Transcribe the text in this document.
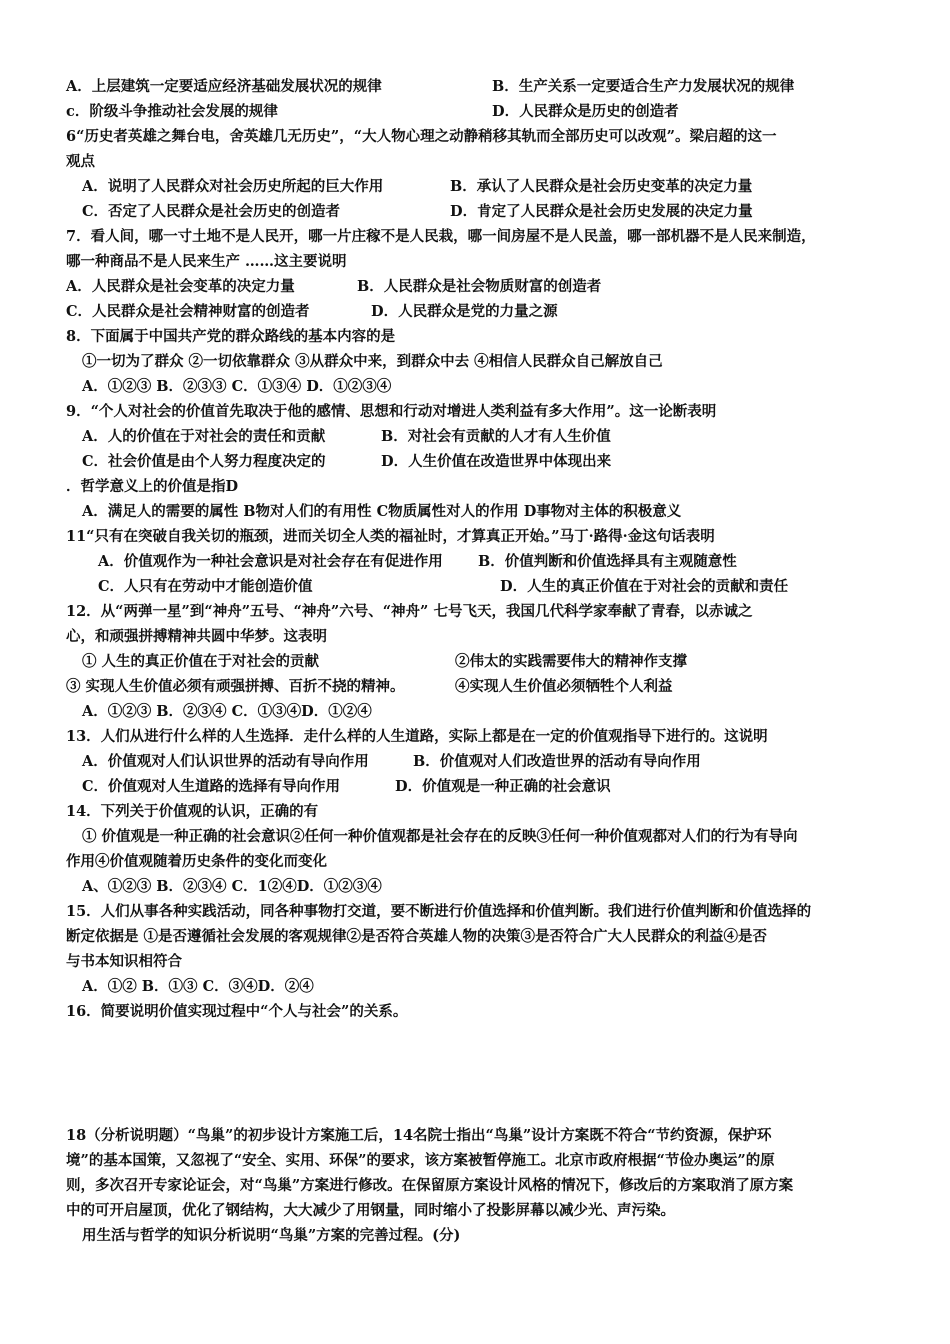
A．上层建筑一定要适应经济基础发展状况的规律	B．生产关系一定要适合生产力发展状况的规律
c．阶级斗争推动社会发展的规律	D．人民群众是历史的创造者
6“历史者英雄之舞台电，舍英雄几无历史”，“大人物心理之动静稍移其轨而全部历史可以改观”。梁启超的这一
观点
A．说明了人民群众对社会历史所起的巨大作用	B．承认了人民群众是社会历史变革的决定力量
C．否定了人民群众是社会历史的创造者	D．肯定了人民群众是社会历史发展的决定力量
7．看人间，哪一寸土地不是人民开，哪一片庄稼不是人民栽，哪一间房屋不是人民盖，哪一部机器不是人民来制造，
哪一种商品不是人民来生产 ……这主要说明
A．人民群众是社会变革的决定力量	B．人民群众是社会物质财富的创造者
C．人民群众是社会精神财富的创造者	D．人民群众是党的力量之源
8．下面属于中国共产党的群众路线的基本内容的是
①一切为了群众 ②一切依靠群众 ③从群众中来，到群众中去 ④相信人民群众自己解放自己
A．①②③ B．②③③ C．①③④ D．①②③④
9．“个人对社会的价值首先取决于他的感情、思想和行动对增进人类利益有多大作用”。这一论断表明
A．人的价值在于对社会的责任和贡献	B．对社会有贡献的人才有人生价值
C．社会价值是由个人努力程度决定的	D．人生价值在改造世界中体现出来
．哲学意义上的价值是指D
A．满足人的需要的属性 B物对人们的有用性 C物质属性对人的作用 D事物对主体的积极意义
11“只有在突破自我关切的瓶颈，进而关切全人类的福祉时，才算真正开始。”马丁·路得·金这句话表明
A．价值观作为一种社会意识是对社会存在有促进作用 B．价值判断和价值选择具有主观随意性
C．人只有在劳动中才能创造价值	D．人生的真正价值在于对社会的贡献和责任
12．从“两弹一星”到“神舟”五号、“神舟”六号、“神舟” 七号飞天，我国几代科学家奉献了青春，以赤诚之
心，和顽强拼搏精神共圆中华梦。这表明
① 人生的真正价值在于对社会的贡献	②伟太的实践需要伟大的精神作支撑
③ 实现人生价值必须有顽强拼搏、百折不挠的精神。	④实现人生价值必须牺牲个人利益
A．①②③ B．②③④ C．①③④D．①②④
13．人们从进行什么样的人生选择．走什么样的人生道路，实际上都是在一定的价值观指导下进行的。这说明
A．价值观对人们认识世界的活动有导向作用	B．价值观对人们改造世界的活动有导向作用
C．价值观对人生道路的选择有导向作用	D．价值观是一种正确的社会意识
14．下列关于价值观的认识，正确的有
① 价值观是一种正确的社会意识②任何一种价值观都是社会存在的反映③任何一种价值观都对人们的行为有导向
作用④价值观随着历史条件的变化而变化
A、①②③ B．②③④ C．1②④D．①②③④
15．人们从事各种实践活动，同各种事物打交道，要不断进行价值选择和价值判断。我们进行价值判断和价值选择的
断定依据是 ①是否遵循社会发展的客观规律②是否符合英雄人物的决策③是否符合广大人民群众的利益④是否
与书本知识相符合
A．①② B．①③ C．③④D．②④
16．简要说明价值实现过程中“个人与社会”的关系。
18（分析说明题）“鸟巢”的初步设计方案施工后，14名院士指出“鸟巢”设计方案既不符合“节约资源，保护环
境”的基本国策，又忽视了“安全、实用、环保”的要求，该方案被暂停施工。北京市政府根据“节俭办奥运”的原
则，多次召开专家论证会，对“鸟巢”方案进行修改。在保留原方案设计风格的情况下，修改后的方案取消了原方案
中的可开启屋顶，优化了钢结构，大大减少了用钢量，同时缩小了投影屏幕以减少光、声污染。
用生活与哲学的知识分析说明“鸟巢”方案的完善过程。(分)
